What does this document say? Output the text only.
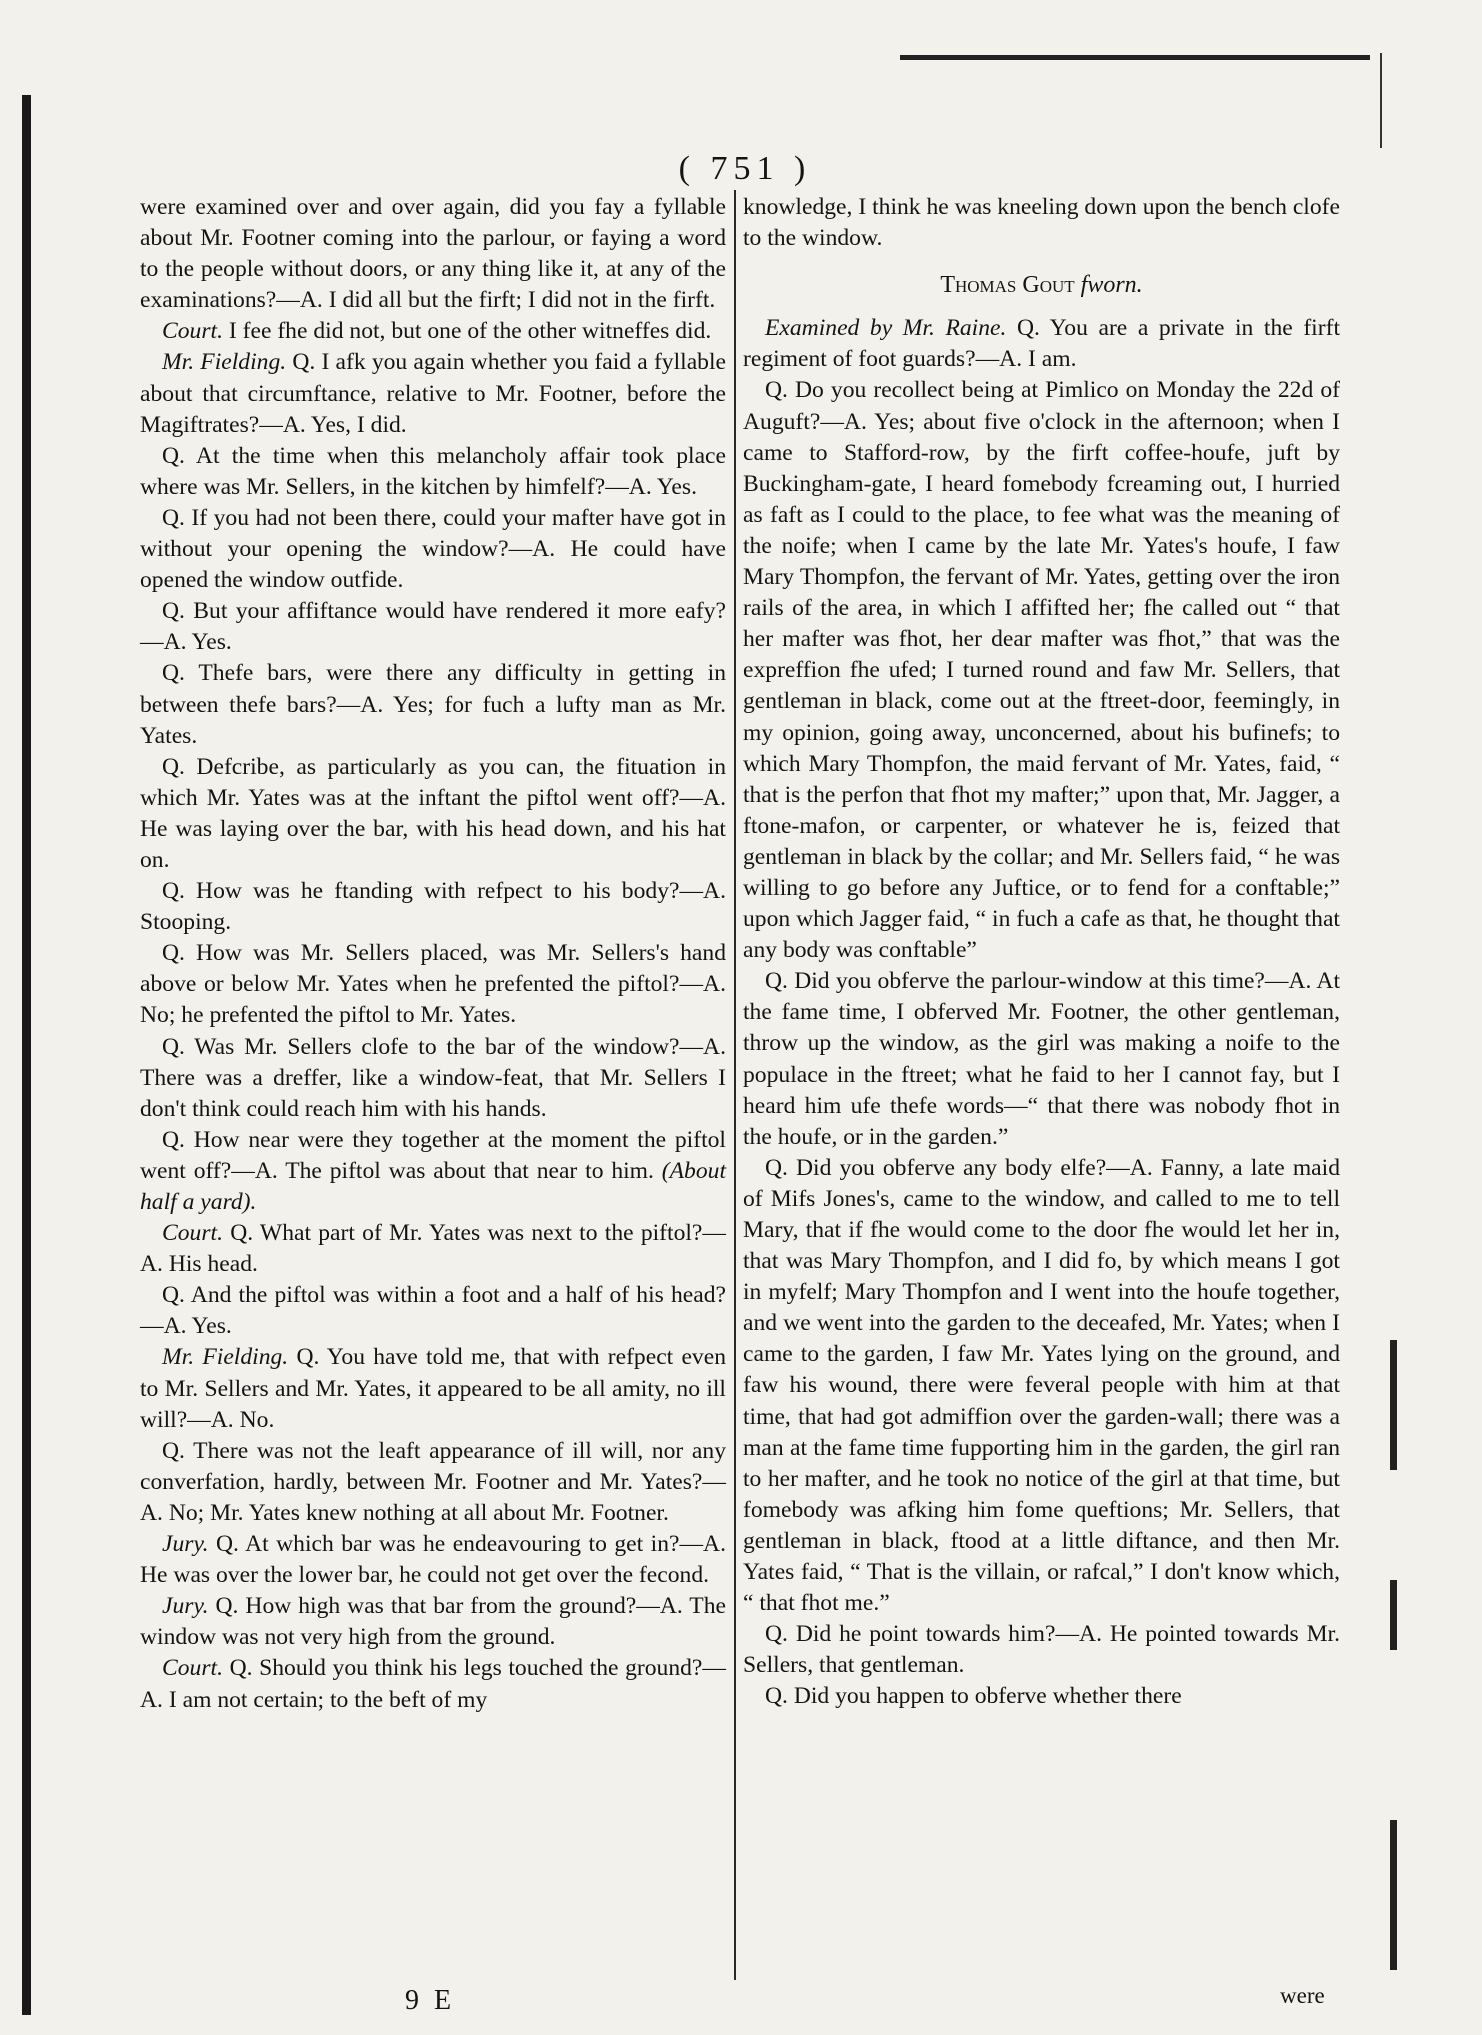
( 751 )

were examined over and over again, did you fay a fyllable about Mr. Footner coming into the parlour, or faying a word to the people without doors, or any thing like it, at any of the examinations?—A. I did all but the firft; I did not in the firft.

Court. I fee fhe did not, but one of the other witneffes did.

Mr. Fielding. Q. I afk you again whether you faid a fyllable about that circumftance, relative to Mr. Footner, before the Magiftrates?—A. Yes, I did.

Q. At the time when this melancholy affair took place where was Mr. Sellers, in the kitchen by himfelf?—A. Yes.

Q. If you had not been there, could your mafter have got in without your opening the window?—A. He could have opened the window outfide.

Q. But your affiftance would have rendered it more eafy?—A. Yes.

Q. Thefe bars, were there any difficulty in getting in between thefe bars?—A. Yes; for fuch a lufty man as Mr. Yates.

Q. Defcribe, as particularly as you can, the fituation in which Mr. Yates was at the inftant the piftol went off?—A. He was laying over the bar, with his head down, and his hat on.

Q. How was he ftanding with refpect to his body?—A. Stooping.

Q. How was Mr. Sellers placed, was Mr. Sellers's hand above or below Mr. Yates when he prefented the piftol?—A. No; he prefented the piftol to Mr. Yates.

Q. Was Mr. Sellers clofe to the bar of the window?—A. There was a dreffer, like a window-feat, that Mr. Sellers I don't think could reach him with his hands.

Q. How near were they together at the moment the piftol went off?—A. The piftol was about that near to him. (About half a yard).

Court. Q. What part of Mr. Yates was next to the piftol?—A. His head.

Q. And the piftol was within a foot and a half of his head?—A. Yes.

Mr. Fielding. Q. You have told me, that with refpect even to Mr. Sellers and Mr. Yates, it appeared to be all amity, no ill will?—A. No.

Q. There was not the leaft appearance of ill will, nor any converfation, hardly, between Mr. Footner and Mr. Yates?—A. No; Mr. Yates knew nothing at all about Mr. Footner.

Jury. Q. At which bar was he endeavouring to get in?—A. He was over the lower bar, he could not get over the fecond.

Jury. Q. How high was that bar from the ground?—A. The window was not very high from the ground.

Court. Q. Should you think his legs touched the ground?—A. I am not certain; to the beft of my

knowledge, I think he was kneeling down upon the bench clofe to the window.

Thomas Gout fworn.

Examined by Mr. Raine. Q. You are a private in the firft regiment of foot guards?—A. I am.

Q. Do you recollect being at Pimlico on Monday the 22d of Auguft?—A. Yes; about five o'clock in the afternoon; when I came to Stafford-row, by the firft coffee-houfe, juft by Buckingham-gate, I heard fomebody fcreaming out, I hurried as faft as I could to the place, to fee what was the meaning of the noife; when I came by the late Mr. Yates's houfe, I faw Mary Thompfon, the fervant of Mr. Yates, getting over the iron rails of the area, in which I affifted her; fhe called out “ that her mafter was fhot, her dear mafter was fhot,” that was the expreffion fhe ufed; I turned round and faw Mr. Sellers, that gentleman in black, come out at the ftreet-door, feemingly, in my opinion, going away, unconcerned, about his bufinefs; to which Mary Thompfon, the maid fervant of Mr. Yates, faid, “ that is the perfon that fhot my mafter;” upon that, Mr. Jagger, a ftone-mafon, or carpenter, or whatever he is, feized that gentleman in black by the collar; and Mr. Sellers faid, “ he was willing to go before any Juftice, or to fend for a conftable;” upon which Jagger faid, “ in fuch a cafe as that, he thought that any body was conftable”

Q. Did you obferve the parlour-window at this time?—A. At the fame time, I obferved Mr. Footner, the other gentleman, throw up the window, as the girl was making a noife to the populace in the ftreet; what he faid to her I cannot fay, but I heard him ufe thefe words—“ that there was nobody fhot in the houfe, or in the garden.”

Q. Did you obferve any body elfe?—A. Fanny, a late maid of Mifs Jones's, came to the window, and called to me to tell Mary, that if fhe would come to the door fhe would let her in, that was Mary Thompfon, and I did fo, by which means I got in myfelf; Mary Thompfon and I went into the houfe together, and we went into the garden to the deceafed, Mr. Yates; when I came to the garden, I faw Mr. Yates lying on the ground, and faw his wound, there were feveral people with him at that time, that had got admiffion over the garden-wall; there was a man at the fame time fupporting him in the garden, the girl ran to her mafter, and he took no notice of the girl at that time, but fomebody was afking him fome queftions; Mr. Sellers, that gentleman in black, ftood at a little diftance, and then Mr. Yates faid, “ That is the villain, or rafcal,” I don't know which, “ that fhot me.”

Q. Did he point towards him?—A. He pointed towards Mr. Sellers, that gentleman.

Q. Did you happen to obferve whether there

9 E	were
